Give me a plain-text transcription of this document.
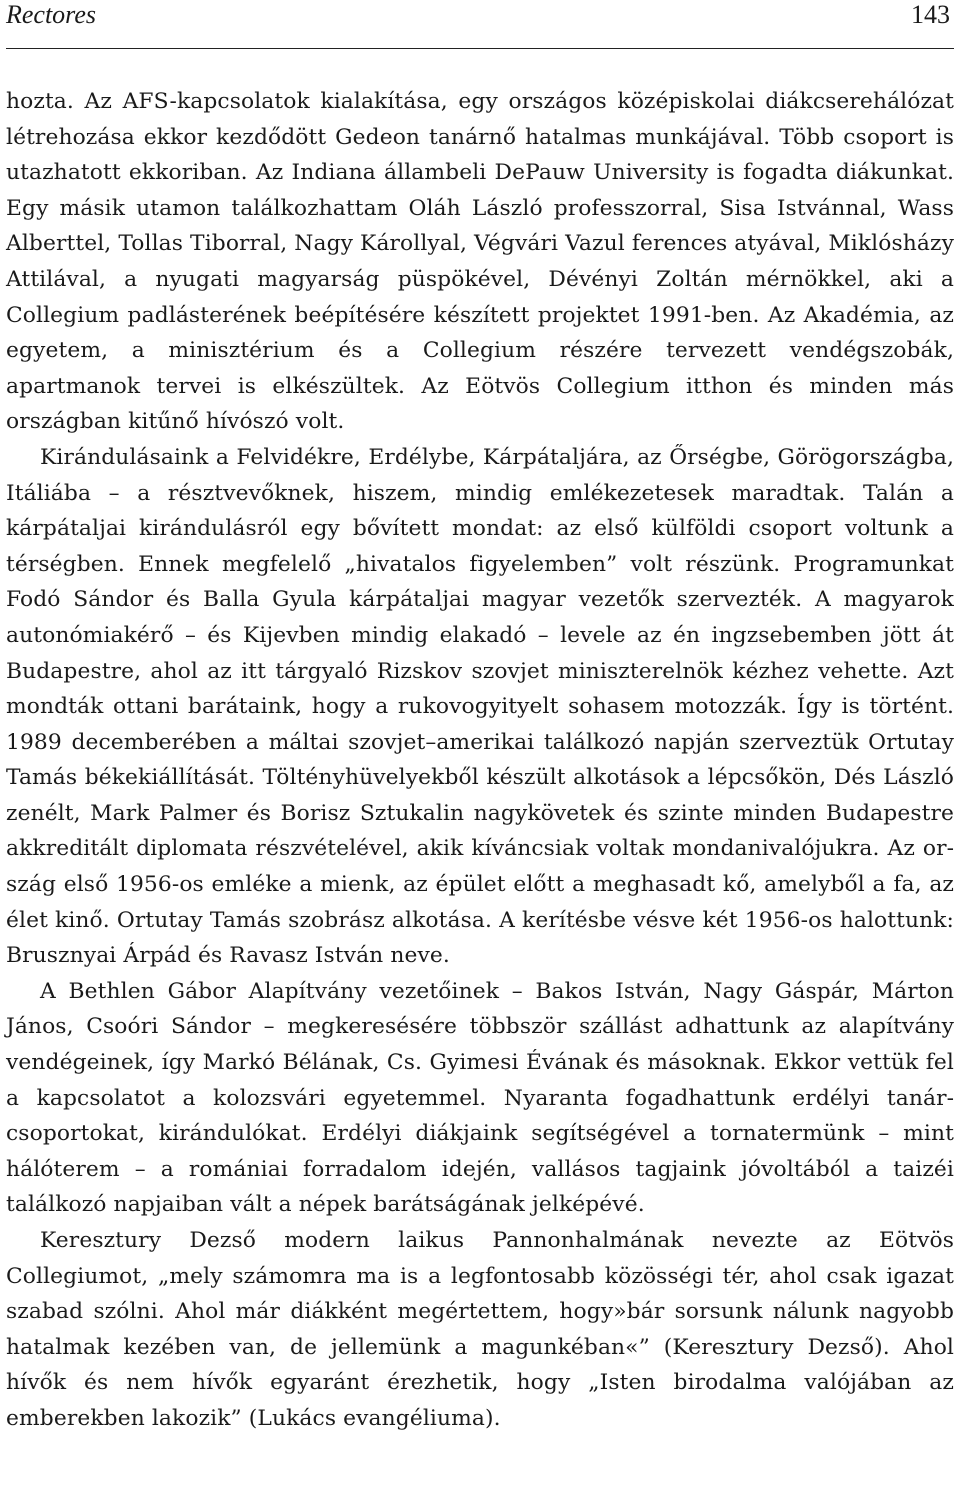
Rectores	143

hozta. Az AFS-kapcsolatok kialakítása, egy országos középiskolai diákcserehálózat létrehozása ekkor kezdődött Gedeon tanárnő hatalmas munkájával. Több csoport is utazhatott ekkoriban. Az Indiana állambeli DePauw University is fogadta diákunkat. Egy másik utamon találkozhattam Oláh László professzorral, Sisa Istvánnal, Wass Alberttel, Tollas Tiborral, Nagy Károllyal, Végvári Vazul ferences atyával, Miklósházy Attilával, a nyugati magyarság püspökével, Dévényi Zoltán mérnökkel, aki a Collegium padlásterének beépítésére készített projektet 1991-ben. Az Akadémia, az egyetem, a minisztérium és a Collegium részére tervezett vendégszobák, apartmanok tervei is elkészültek. Az Eötvös Collegium itthon és minden más országban kitűnő hívószó volt.

Kirándulásaink a Felvidékre, Erdélybe, Kárpátaljára, az Őrségbe, Görögországba, Itáliába – a résztvevőknek, hiszem, mindig emlékezetesek maradtak. Talán a kárpátaljai kirándulásról egy bővített mondat: az első külföldi csoport voltunk a térségben. Ennek megfelelő „hivatalos figyelemben” volt részünk. Programunkat Fodó Sándor és Balla Gyula kárpátaljai magyar vezetők szervezték. A magyarok autonómiakérő – és Kijevben mindig elakadó – levele az én ingzsebemben jött át Budapestre, ahol az itt tárgyaló Rizskov szovjet miniszterelnök kézhez vehette. Azt mondták ottani barátaink, hogy a rukovogyityelt sohasem motozzák. Így is történt. 1989 decemberében a máltai szovjet–amerikai találkozó napján szerveztük Ortutay Tamás békekiállítását. Töltényhüvelyekből készült alkotások a lépcsőkön, Dés László zenélt, Mark Palmer és Borisz Sztukalin nagykövetek és szinte minden Budapestre akkreditált diplomata részvételével, akik kíváncsiak voltak mondanivalójukra. Az ország első 1956-os emléke a mienk, az épület előtt a meghasadt kő, amelyből a fa, az élet kinő. Ortutay Tamás szobrász alkotása. A kerítésbe vésve két 1956-os halottunk: Brusznyai Árpád és Ravasz István neve.

A Bethlen Gábor Alapítvány vezetőinek – Bakos István, Nagy Gáspár, Márton János, Csoóri Sándor – megkeresésére többször szállást adhattunk az alapítvány vendégeinek, így Markó Bélának, Cs. Gyimesi Évának és másoknak. Ekkor vettük fel a kapcsolatot a kolozsvári egyetemmel. Nyaranta fogadhattunk erdélyi tanárcsoportokat, kirándulókat. Erdélyi diákjaink segítségével a tornatermünk – mint hálóterem – a romániai forradalom idején, vallásos tagjaink jóvoltából a taizéi találkozó napjaiban vált a népek barátságának jelképévé.

Keresztury Dezső modern laikus Pannonhalmának nevezte az Eötvös Collegiumot, „mely számomra ma is a legfontosabb közösségi tér, ahol csak igazat szabad szólni. Ahol már diákként megértettem, hogy»bár sorsunk nálunk nagyobb hatalmak kezében van, de jellemünk a magunkéban«” (Keresztury Dezső). Ahol hívők és nem hívők egyaránt érezhetik, hogy „Isten birodalma valójában az emberekben lakozik” (Lukács evangéliuma).
